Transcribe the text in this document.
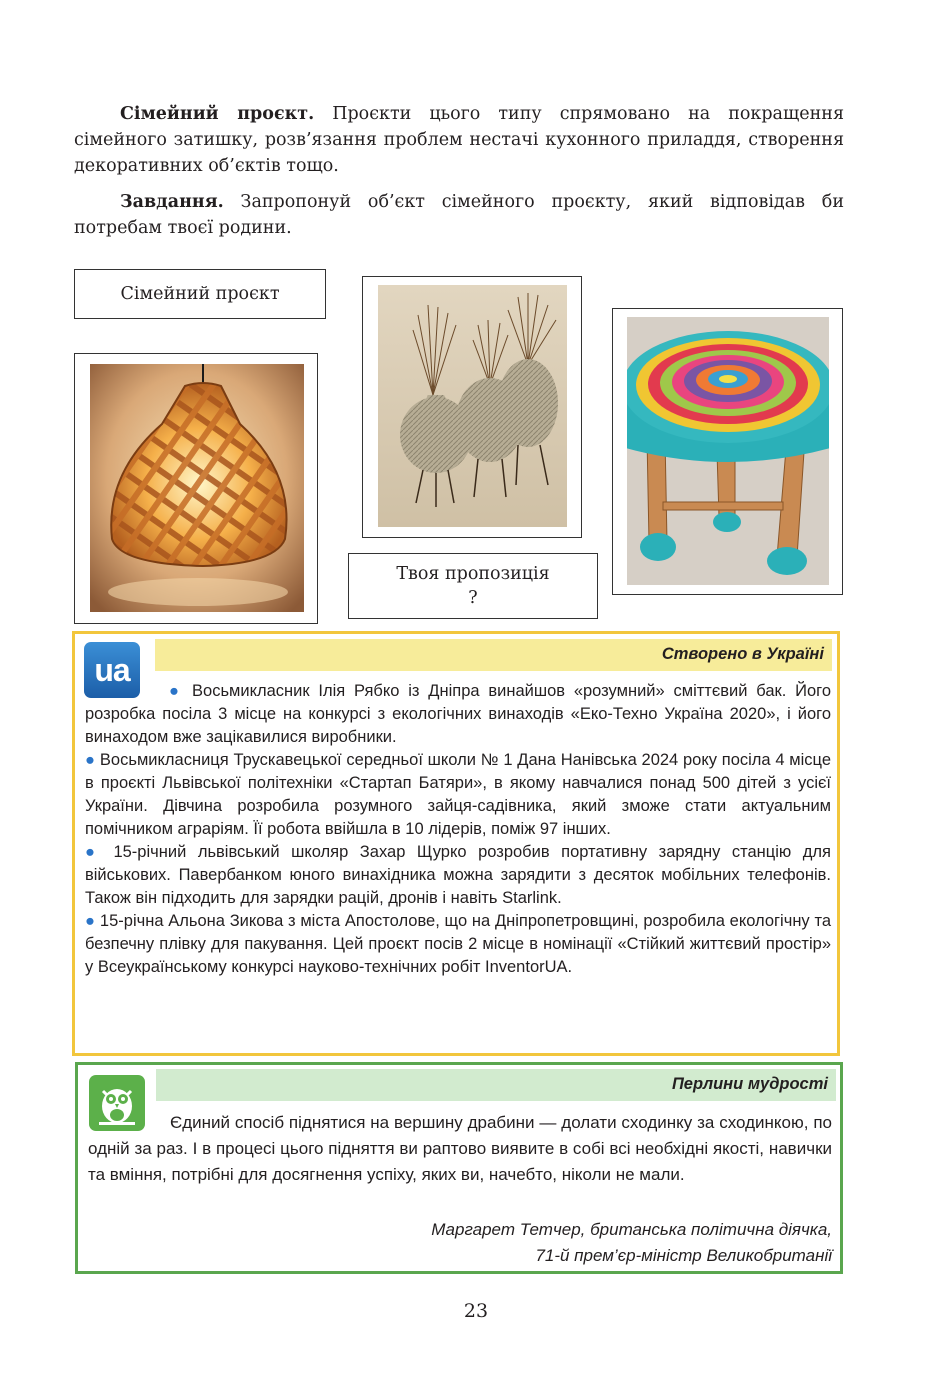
Сімейний проєкт. Проєкти цього типу спрямовано на покращення сімейного затишку, розв’язання проблем нестачі кухонного приладдя, створення декоративних об’єктів тощо.

Завдання. Запропонуй об’єкт сімейного проєкту, який відповідав би потребам твоєї родини.

Сімейний проєкт
Твоя пропозиція
?
Створено в Україні
ua

● Восьмикласник Ілія Рябко із Дніпра винайшов «розумний» сміттєвий бак. Його розробка посіла 3 місце на конкурсі з екологічних винаходів «Еко-Техно Україна 2020», і його винаходом вже зацікавилися виробники.

● Восьмикласниця Трускавецької середньої школи № 1 Дана Нанівська 2024 року посіла 4 місце в проєкті Львівської політехніки «Стартап Батяри», в якому навчалися понад 500 дітей з усієї України. Дівчина розробила розумного зайця-садівника, який зможе стати актуальним помічником аграріям. Її робота ввійшла в 10 лідерів, поміж 97 інших.

● 15-річний львівський школяр Захар Щурко розробив портативну зарядну станцію для військових. Павербанком юного винахідника можна зарядити з десяток мобільних телефонів. Також він підходить для зарядки рацій, дронів і навіть Starlink.

● 15-річна Альона Зикова з міста Апостолове, що на Дніпропетровщині, розробила екологічну та безпечну плівку для пакування. Цей проєкт посів 2 місце в номінації «Стійкий життєвий простір» у Всеукраїнському конкурсі науково-технічних робіт InventorUA.

Перлини мудрості

Єдиний спосіб піднятися на вершину драбини — долати сходинку за сходинкою, по одній за раз. І в процесі цього підняття ви раптово виявите в собі всі необхідні якості, навички та вміння, потрібні для досягнення успіху, яких ви, начебто, ніколи не мали.

Маргарет Тетчер, британська політична діячка,
71-й прем’єр-міністр Великобританії
23
